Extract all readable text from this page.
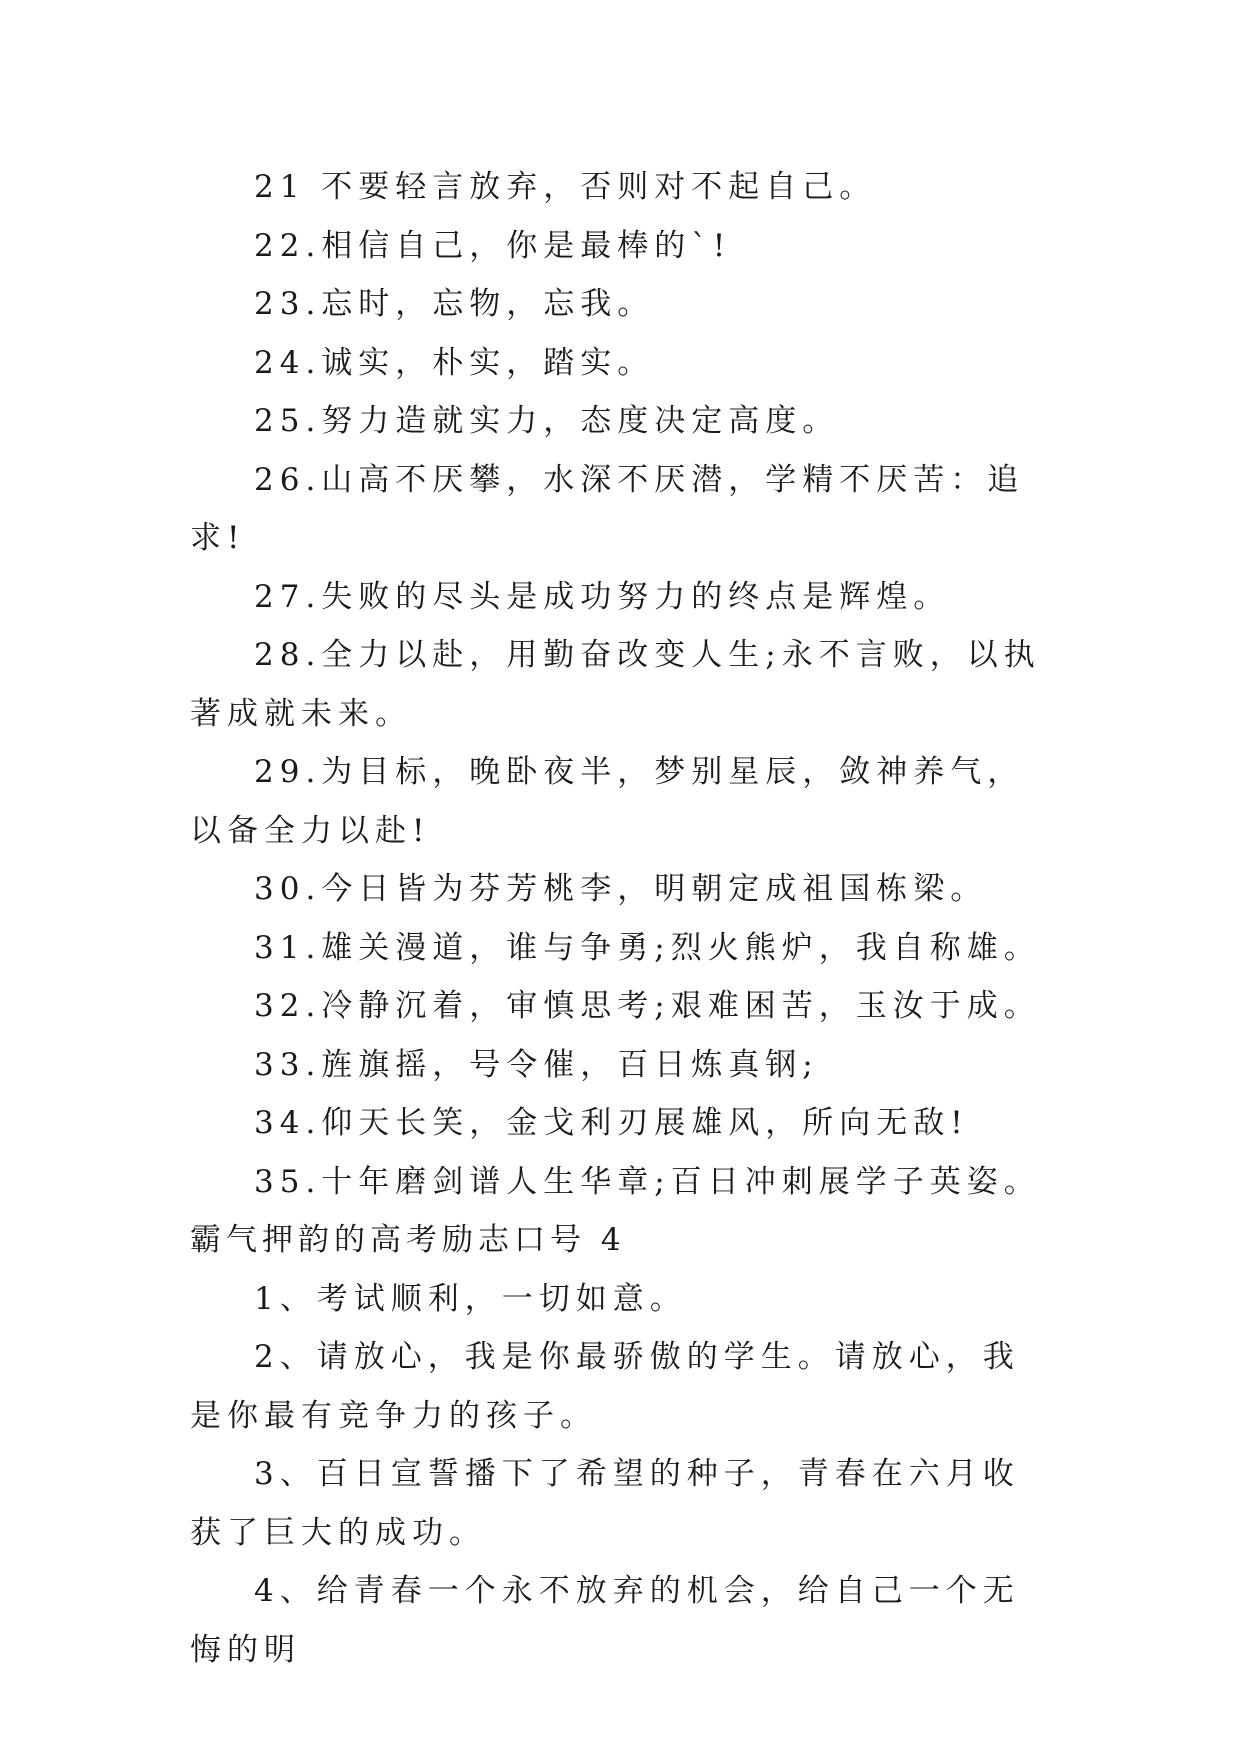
21 不要轻言放弃，否则对不起自己。

22.相信自己，你是最棒的`!

23.忘时，忘物，忘我。

24.诚实，朴实，踏实。

25.努力造就实力，态度决定高度。

26.山高不厌攀，水深不厌潜，学精不厌苦：追求!

27.失败的尽头是成功努力的终点是辉煌。

28.全力以赴，用勤奋改变人生;永不言败，以执著成就未来。

29.为目标，晚卧夜半，梦别星辰，敛神养气，以备全力以赴!

30.今日皆为芬芳桃李，明朝定成祖国栋梁。

31.雄关漫道，谁与争勇;烈火熊炉，我自称雄。

32.冷静沉着，审慎思考;艰难困苦，玉汝于成。

33.旌旗摇，号令催，百日炼真钢;

34.仰天长笑，金戈利刃展雄风，所向无敌!

35.十年磨剑谱人生华章;百日冲刺展学子英姿。

霸气押韵的高考励志口号 4

1、考试顺利，一切如意。

2、请放心，我是你最骄傲的学生。请放心，我是你最有竞争力的孩子。

3、百日宣誓播下了希望的种子，青春在六月收获了巨大的成功。

4、给青春一个永不放弃的机会，给自己一个无悔的明
